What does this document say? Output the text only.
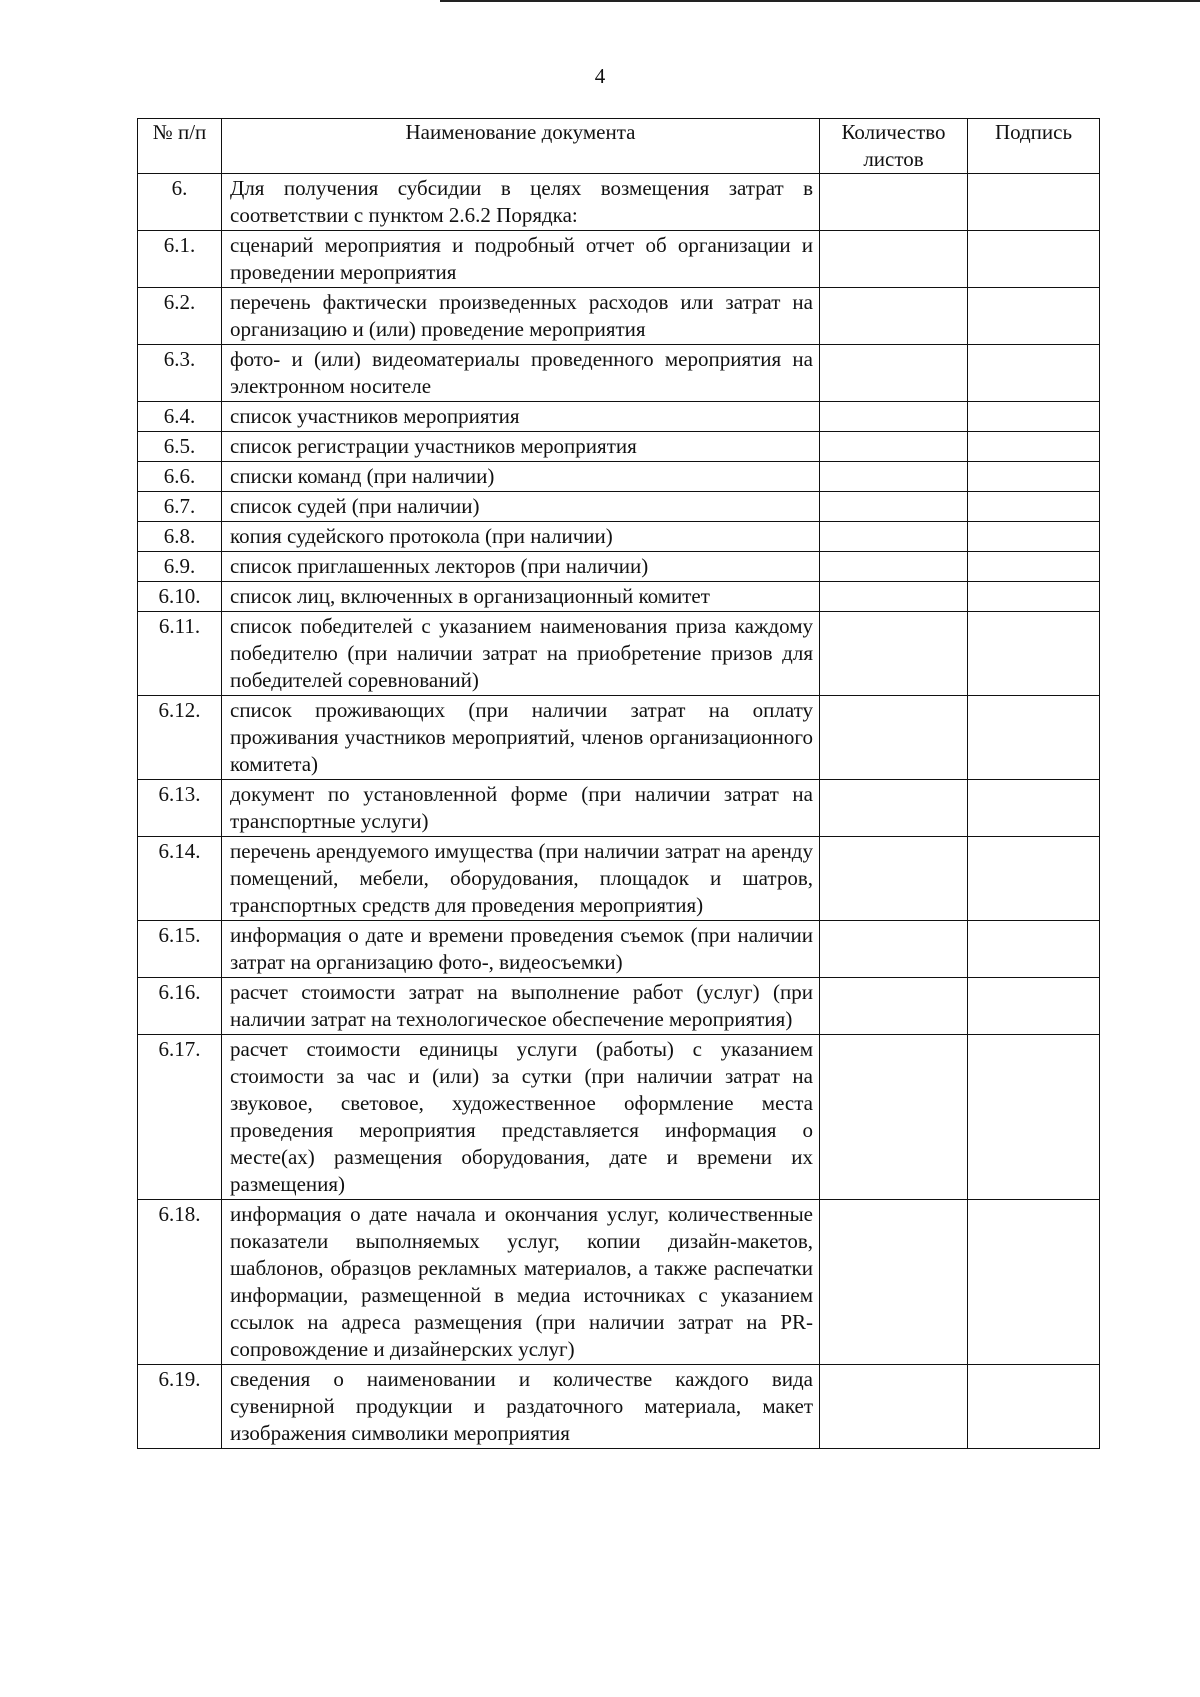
4
№ п/п	Наименование документа	Количество листов	Подпись
6.	Для получения субсидии в целях возмещения затрат в соответствии с пунктом 2.6.2 Порядка:		
6.1.	сценарий мероприятия и подробный отчет об организации и проведении мероприятия		
6.2.	перечень фактически произведенных расходов или затрат на организацию и (или) проведение мероприятия		
6.3.	фото- и (или) видеоматериалы проведенного мероприятия на электронном носителе		
6.4.	список участников мероприятия		
6.5.	список регистрации участников мероприятия		
6.6.	списки команд (при наличии)		
6.7.	список судей (при наличии)		
6.8.	копия судейского протокола (при наличии)		
6.9.	список приглашенных лекторов (при наличии)		
6.10.	список лиц, включенных в организационный комитет		
6.11.	список победителей с указанием наименования приза каждому победителю (при наличии затрат на приобретение призов для победителей соревнований)		
6.12.	список проживающих (при наличии затрат на оплату проживания участников мероприятий, членов организационного комитета)		
6.13.	документ по установленной форме (при наличии затрат на транспортные услуги)		
6.14.	перечень арендуемого имущества (при наличии затрат на аренду помещений, мебели, оборудования, площадок и шатров, транспортных средств для проведения мероприятия)		
6.15.	информация о дате и времени проведения съемок (при наличии затрат на организацию фото-, видеосъемки)		
6.16.	расчет стоимости затрат на выполнение работ (услуг) (при наличии затрат на технологическое обеспечение мероприятия)		
6.17.	расчет стоимости единицы услуги (работы) с указанием стоимости за час и (или) за сутки (при наличии затрат на звуковое, световое, художественное оформление места проведения мероприятия представляется информация о месте(ах) размещения оборудования, дате и времени их размещения)		
6.18.	информация о дате начала и окончания услуг, количественные показатели выполняемых услуг, копии дизайн-макетов, шаблонов, образцов рекламных материалов, а также распечатки информации, размещенной в медиа источниках с указанием ссылок на адреса размещения (при наличии затрат на PR-сопровождение и дизайнерских услуг)		
6.19.	сведения о наименовании и количестве каждого вида сувенирной продукции и раздаточного материала, макет изображения символики мероприятия		
